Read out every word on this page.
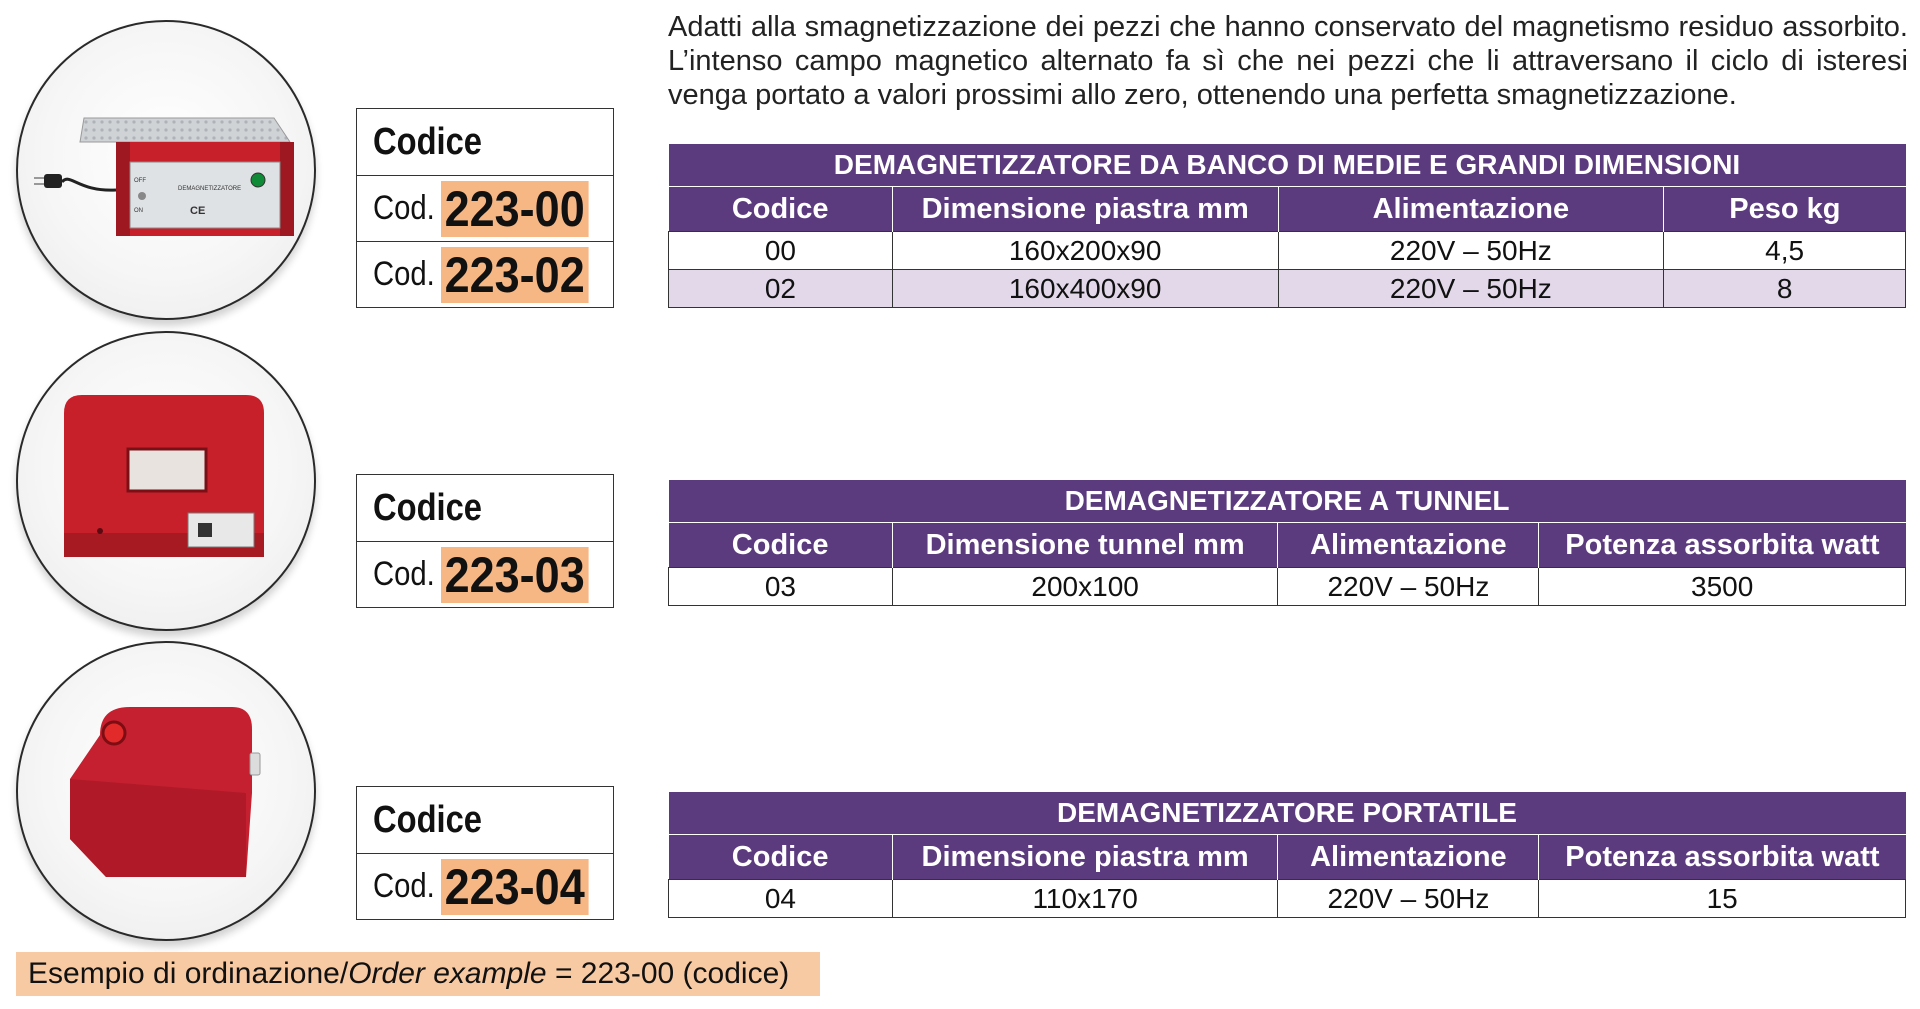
DEMAGNETIZZATORE
OFF
ON	CE
Codice
Cod. 223-00
Cod. 223-02
Codice
Cod. 223-03
Codice
Cod. 223-04
Adatti alla smagnetizzazione dei pezzi che hanno conservato del magnetismo residuo assorbito. L’intenso campo magnetico alternato fa sì che nei pezzi che li attraversano il ciclo di isteresi venga portato a valori prossimi allo zero, ottenendo una perfetta smagnetizzazione.
DEMAGNETIZZATORE DA BANCO DI MEDIE E GRANDI DIMENSIONI			
Codice	Dimensione piastra mm	Alimentazione	Peso kg
00	160x200x90	220V – 50Hz	4,5
02	160x400x90	220V – 50Hz	8
DEMAGNETIZZATORE A TUNNEL			
Codice	Dimensione tunnel mm	Alimentazione	Potenza assorbita watt
03	200x100	220V – 50Hz	3500
DEMAGNETIZZATORE PORTATILE			
Codice	Dimensione piastra mm	Alimentazione	Potenza assorbita watt
04	110x170	220V – 50Hz	15
Esempio di ordinazione/Order example = 223-00 (codice)
